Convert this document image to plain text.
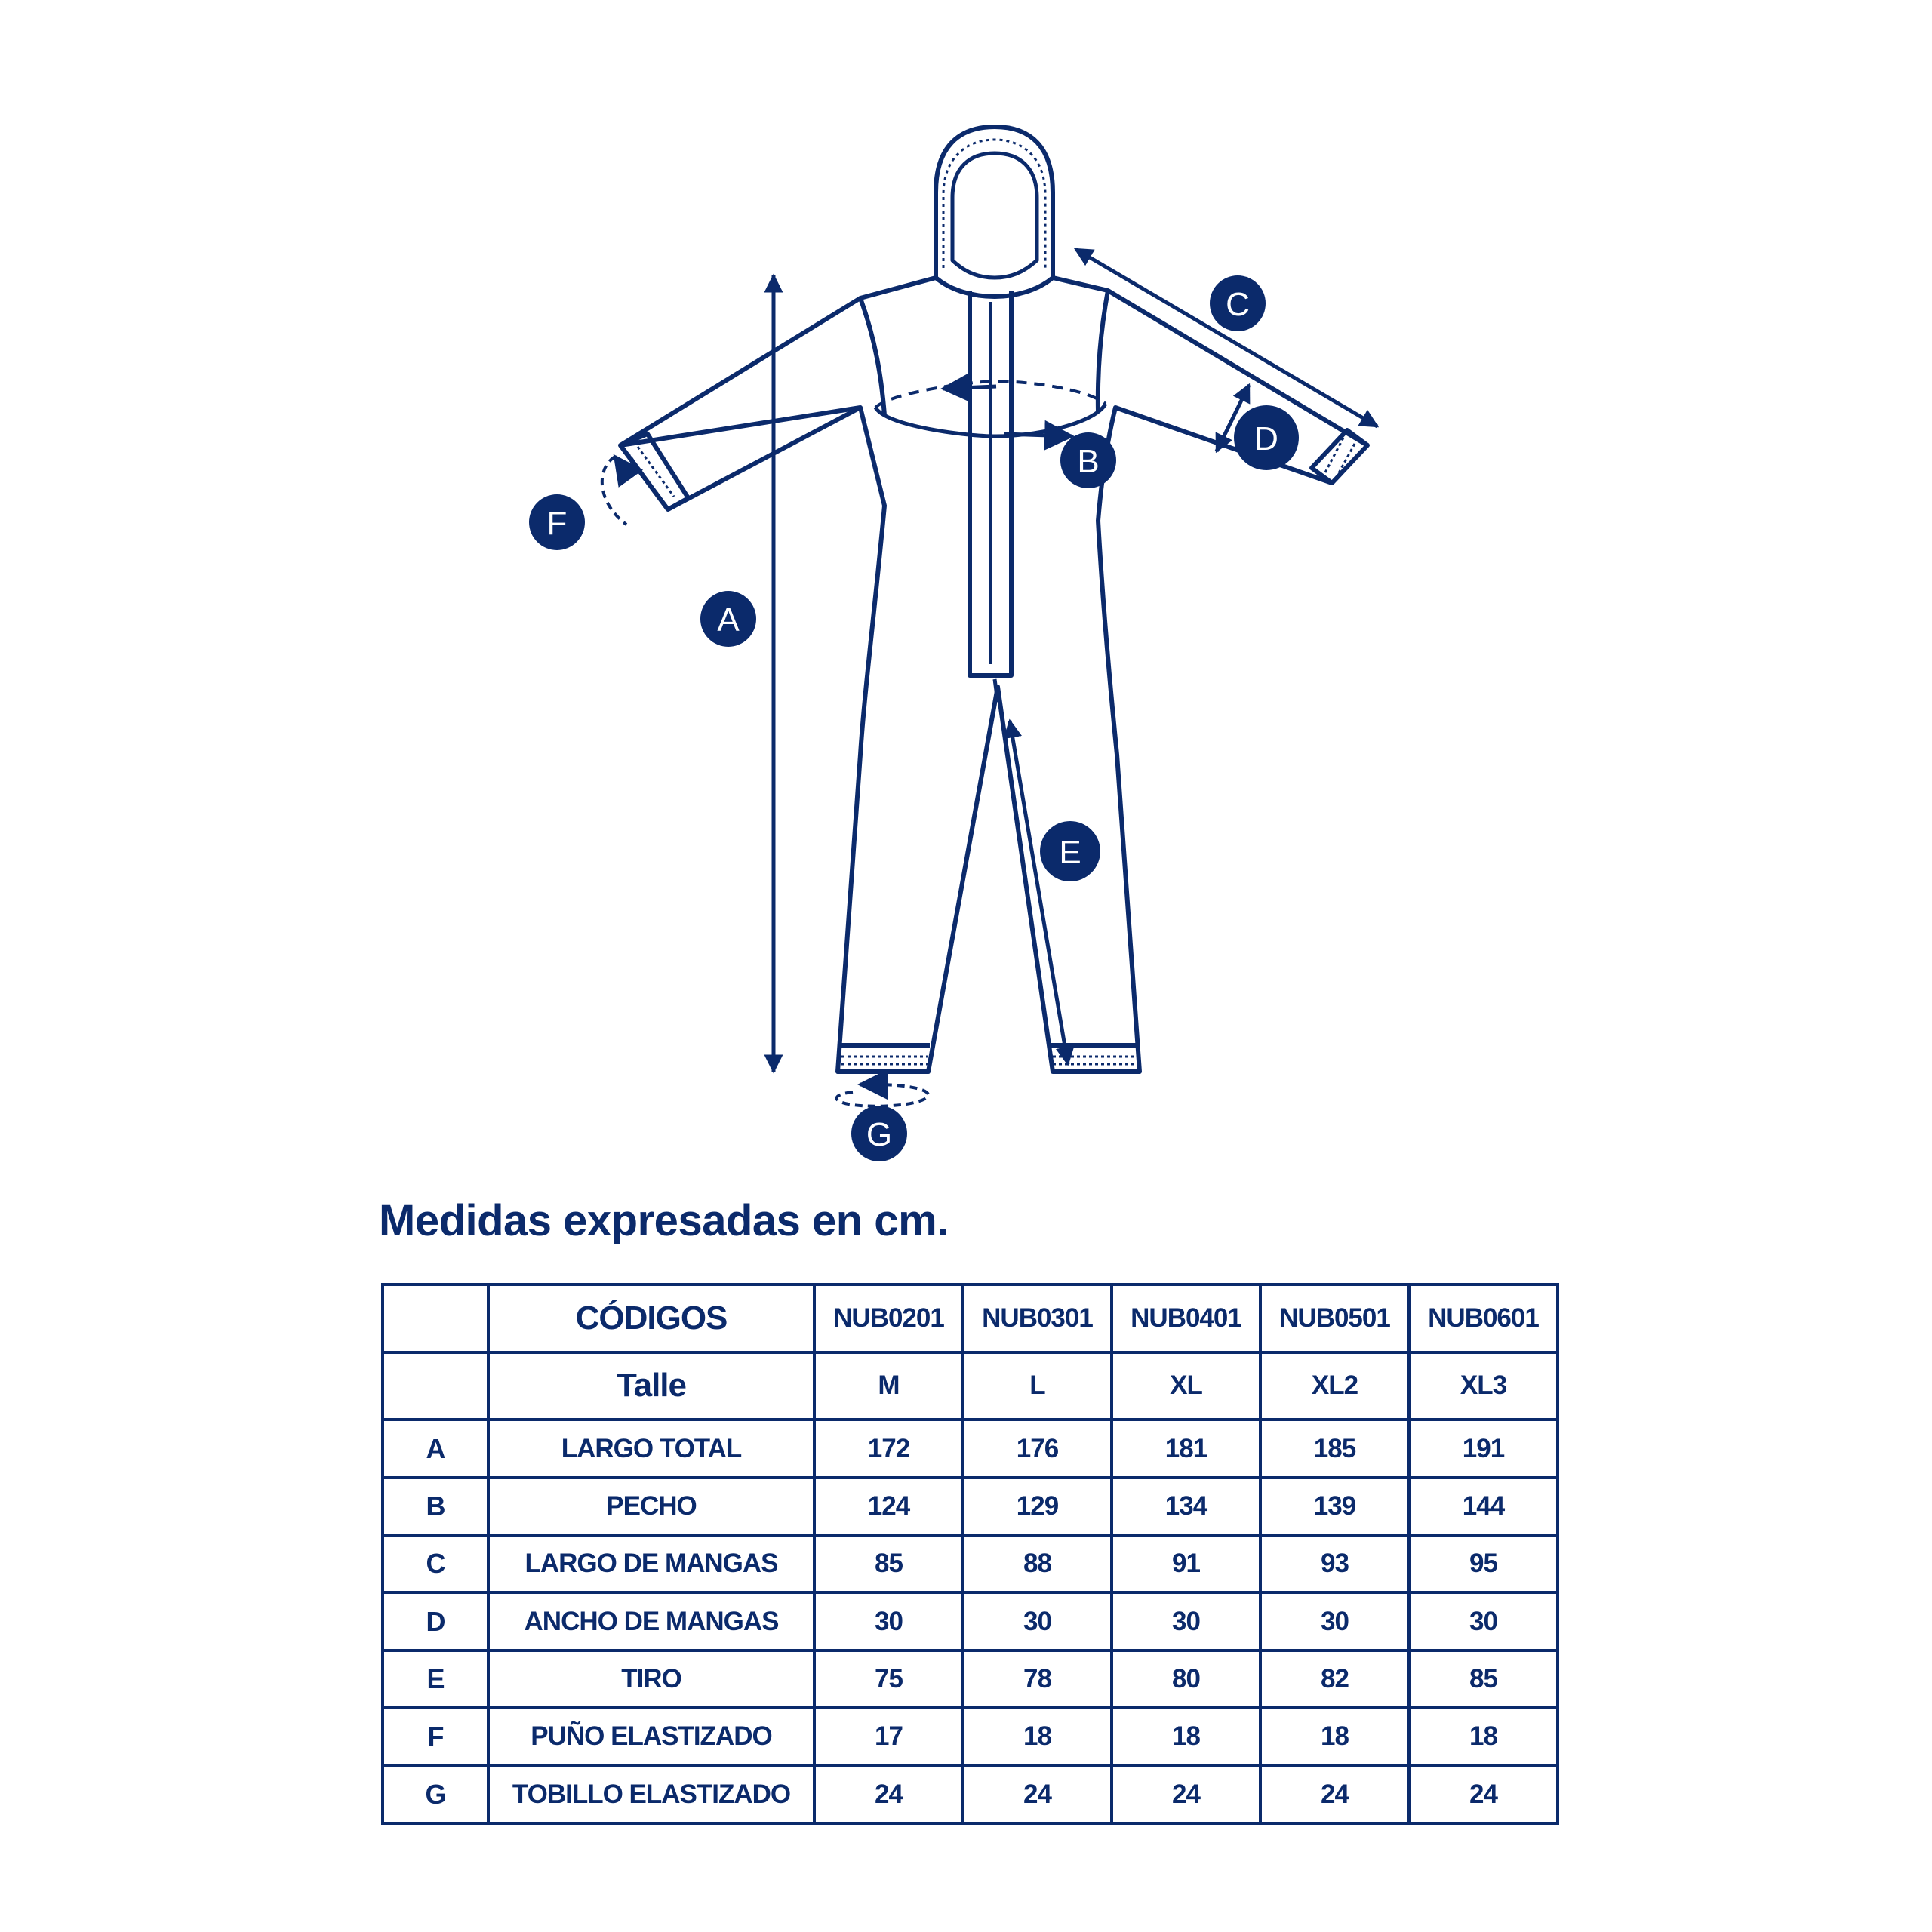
A
B
C
D
E
F
G
Medidas expresadas en cm.
	CÓDIGOS	NUB0201	NUB0301	NUB0401	NUB0501	NUB0601
	Talle	M	L	XL	XL2	XL3
A	LARGO TOTAL	172	176	181	185	191
B	PECHO	124	129	134	139	144
C	LARGO DE MANGAS	85	88	91	93	95
D	ANCHO DE MANGAS	30	30	30	30	30
E	TIRO	75	78	80	82	85
F	PUÑO ELASTIZADO	17	18	18	18	18
G	TOBILLO ELASTIZADO	24	24	24	24	24
